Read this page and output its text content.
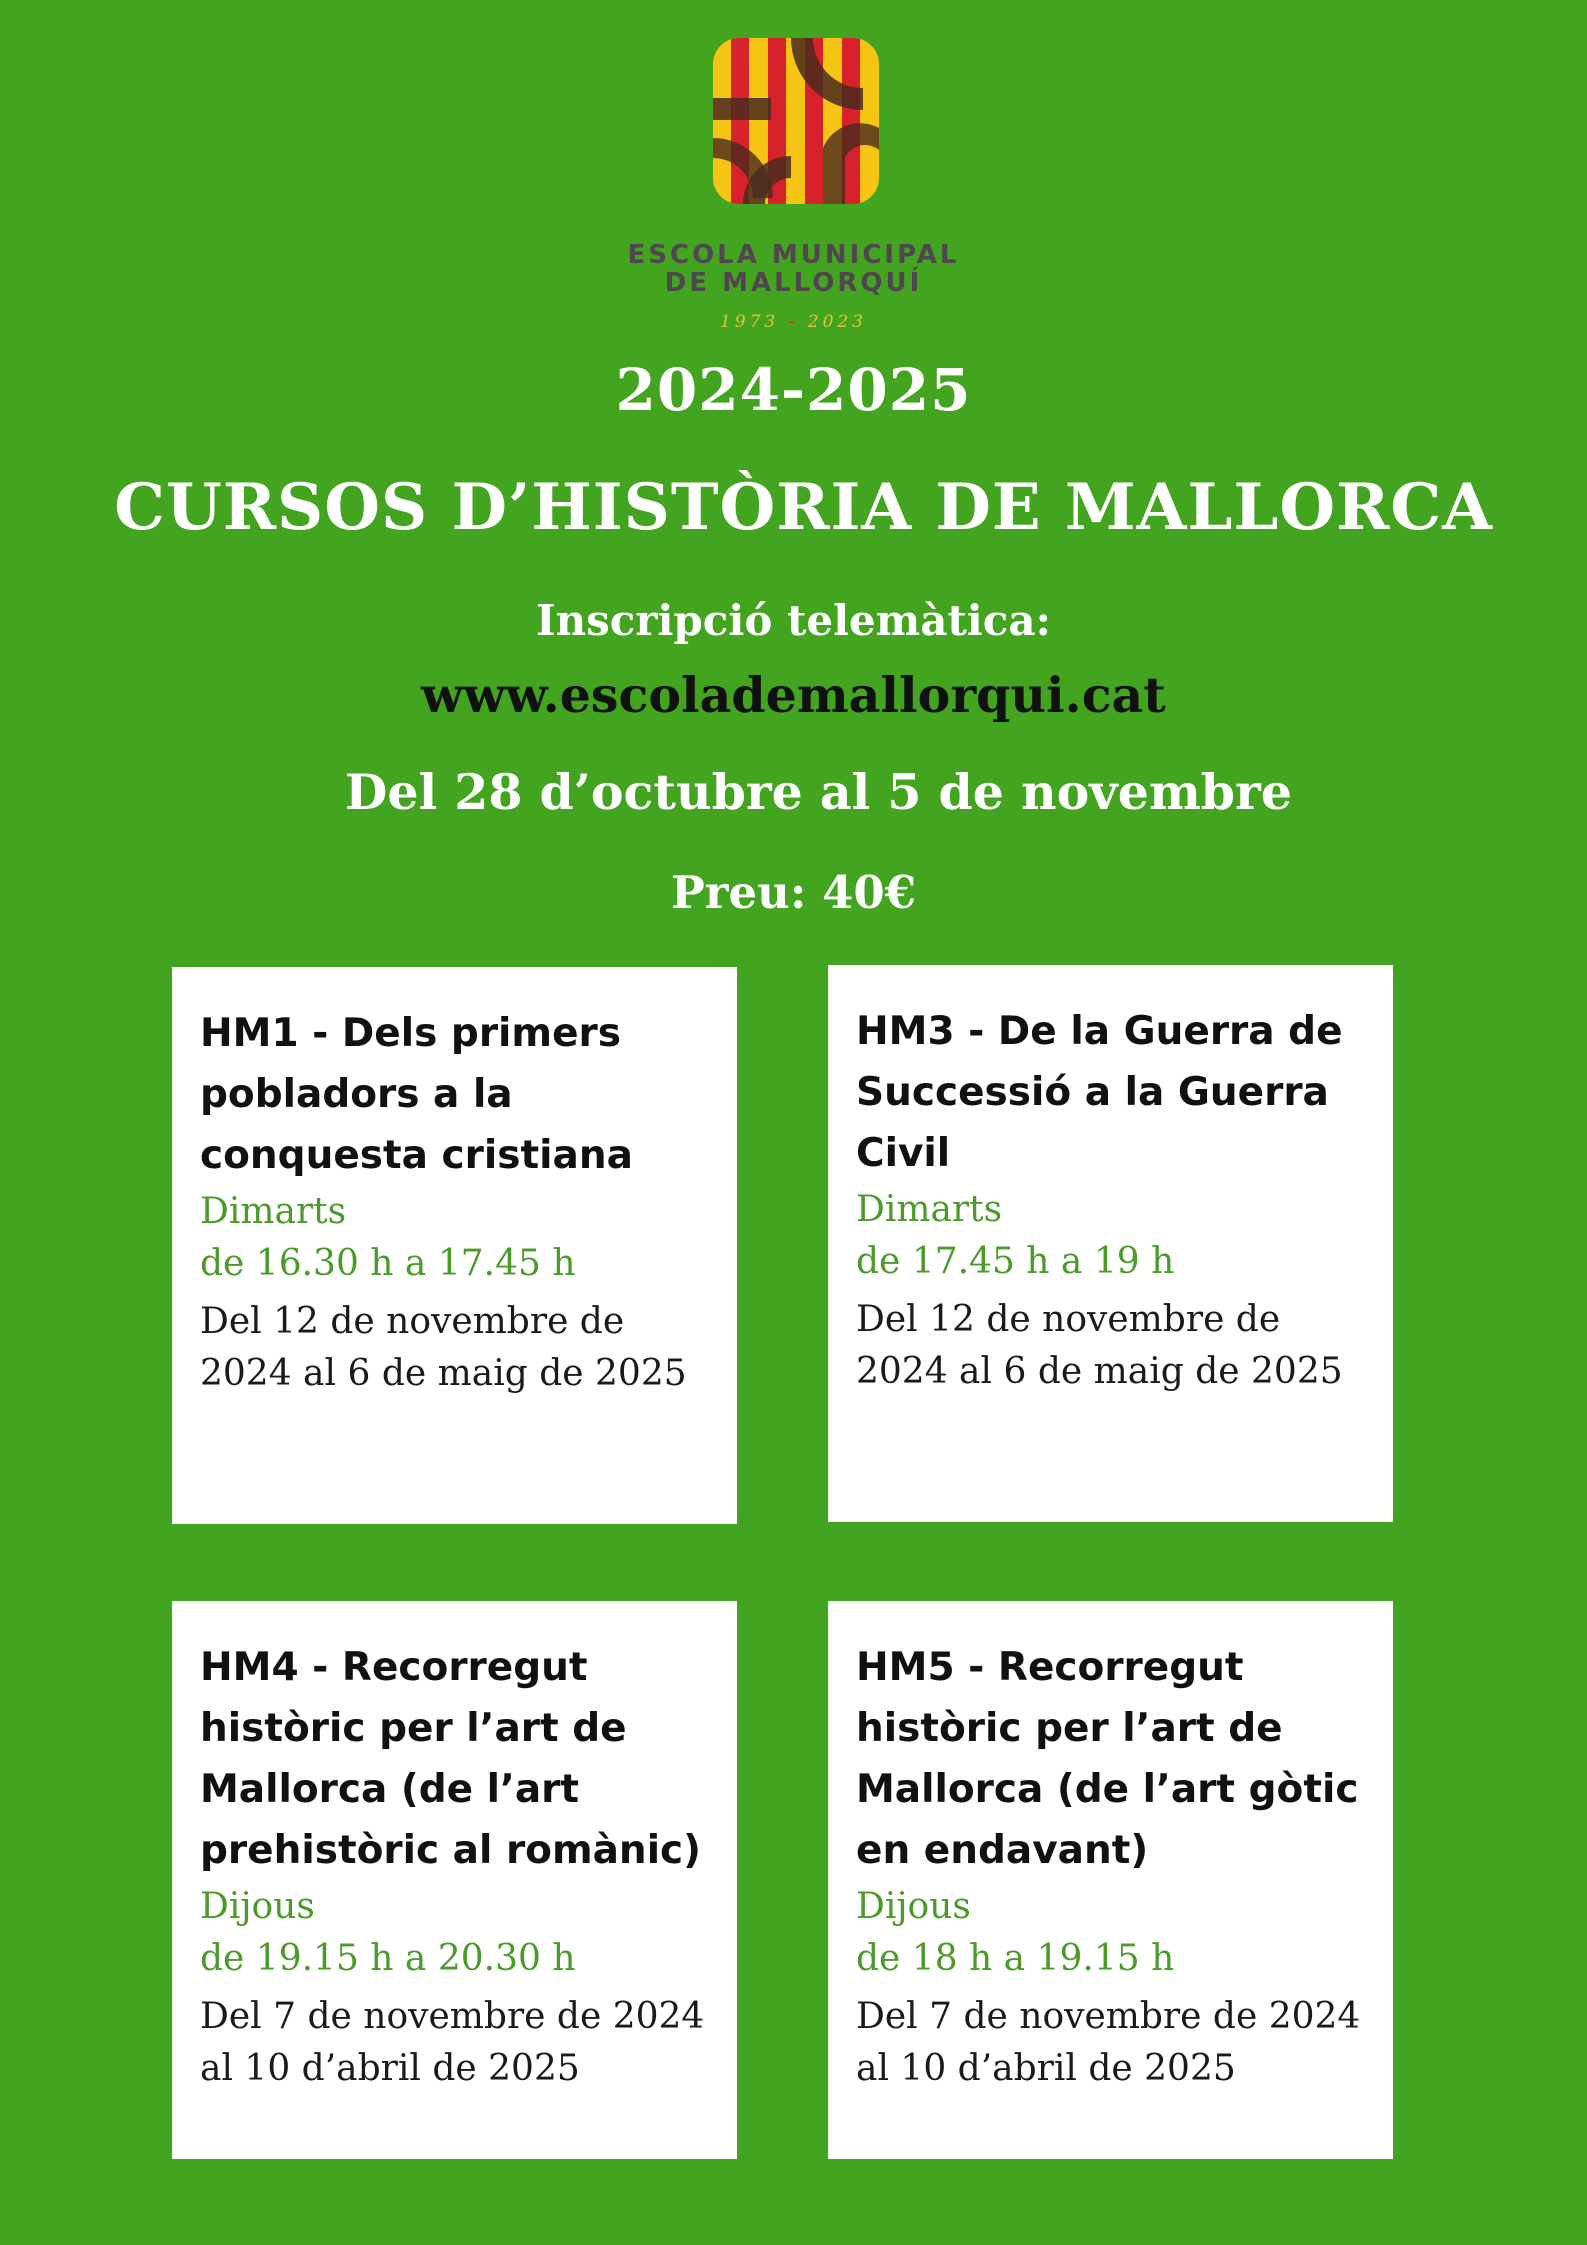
ESCOLA MUNICIPAL
DE MALLORQUÍ
1973 - 2023
2024-2025
CURSOS D’HISTÒRIA DE MALLORCA
Inscripció telemàtica:
www.escolademallorqui.cat
Del 28 d’octubre al 5 de novembre
Preu: 40€
HM1 - Dels primers pobladors a la conquesta cristiana
Dimarts
de 16.30 h a 17.45 h
Del 12 de novembre de 2024 al 6 de maig de 2025
HM3 - De la Guerra de Successió a la Guerra Civil
Dimarts
de 17.45 h a 19 h
Del 12 de novembre de 2024 al 6 de maig de 2025
HM4 - Recorregut històric per l’art de Mallorca (de l’art prehistòric al romànic)
Dijous
de 19.15 h a 20.30 h
Del 7 de novembre de 2024 al 10 d’abril de 2025
HM5 - Recorregut històric per l’art de Mallorca (de l’art gòtic en endavant)
Dijous
de 18 h a 19.15 h
Del 7 de novembre de 2024 al 10 d’abril de 2025
